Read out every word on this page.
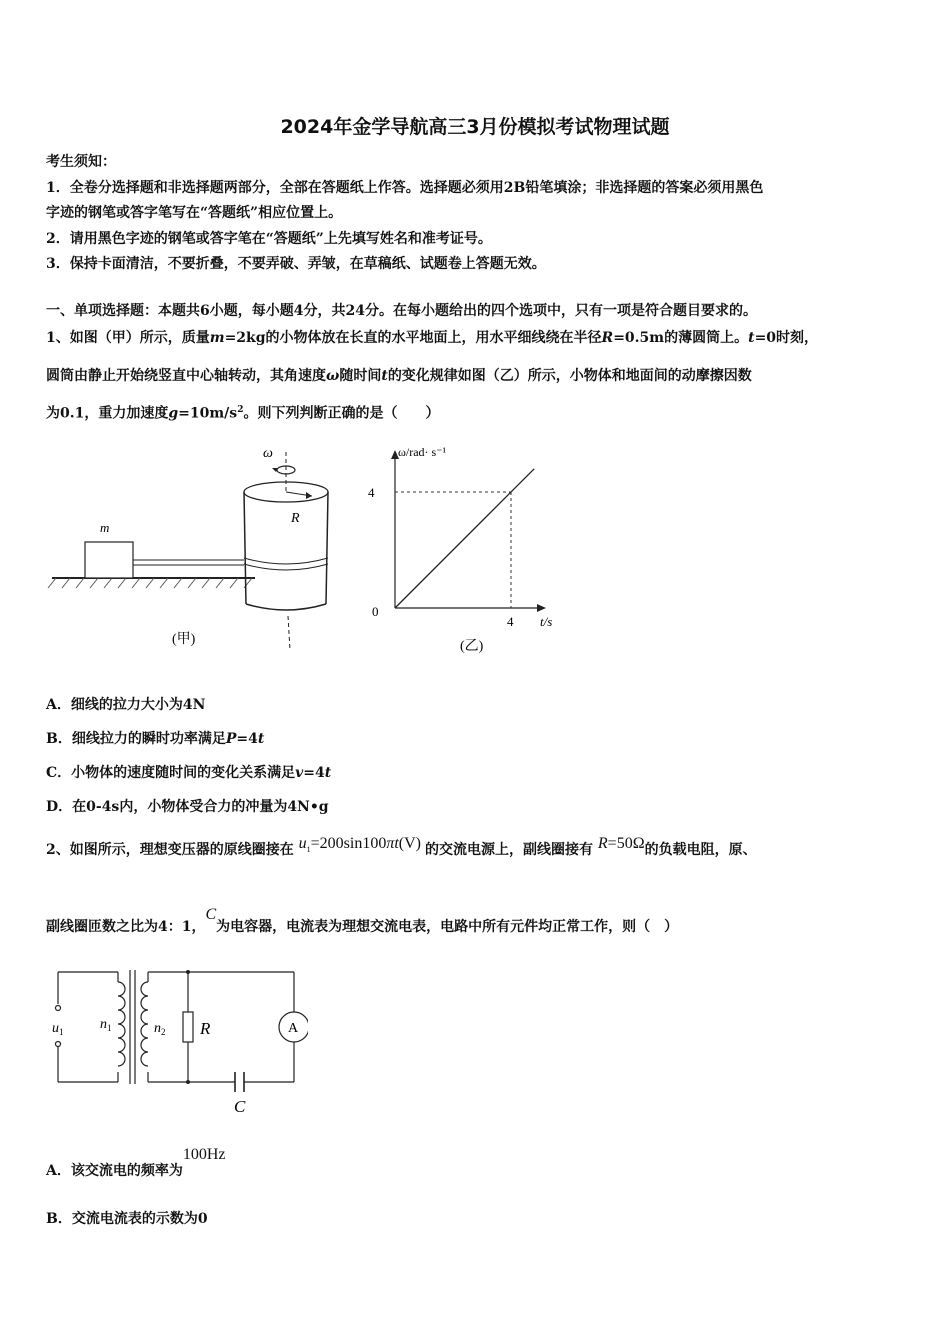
2024年金学导航高三3月份模拟考试物理试题
考生须知：
1．全卷分选择题和非选择题两部分，全部在答题纸上作答。选择题必须用2B铅笔填涂；非选择题的答案必须用黑色
字迹的钢笔或答字笔写在“答题纸”相应位置上。
2．请用黑色字迹的钢笔或答字笔在“答题纸”上先填写姓名和准考证号。
3．保持卡面清洁，不要折叠，不要弄破、弄皱，在草稿纸、试题卷上答题无效。
一、单项选择题：本题共6小题，每小题4分，共24分。在每小题给出的四个选项中，只有一项是符合题目要求的。
1、如图（甲）所示，质量m=2kg的小物体放在长直的水平地面上，用水平细线绕在半径R=0.5m的薄圆筒上。t=0时刻，
圆筒由静止开始绕竖直中心轴转动，其角速度ω随时间t的变化规律如图（乙）所示，小物体和地面间的动摩擦因数
为0.1，重力加速度$g=10m/s^2$。则下列判断正确的是（　　）
m
ω
R
(甲)
ω/rad· s⁻¹
t/s
0
4
4
(乙)
A．细线的拉力大小为4N
B．细线拉力的瞬时功率满足P=4t
C．小物体的速度随时间的变化关系满足v=4t
D．在0-4s内，小物体受合力的冲量为4N•g
2、如图所示，理想变压器的原线圈接在 $u_1=200\sin 100\pi t(V)$ 的交流电源上，副线圈接有 R=50Ω的负载电阻，原、
副线圈匝数之比为4：1，C为电容器，电流表为理想交流电表，电路中所有元件均正常工作，则（　）
$u_1$	$n_1$	$n_2$ R	A
C
A．该交流电的频率为100Hz
B．交流电流表的示数为0
